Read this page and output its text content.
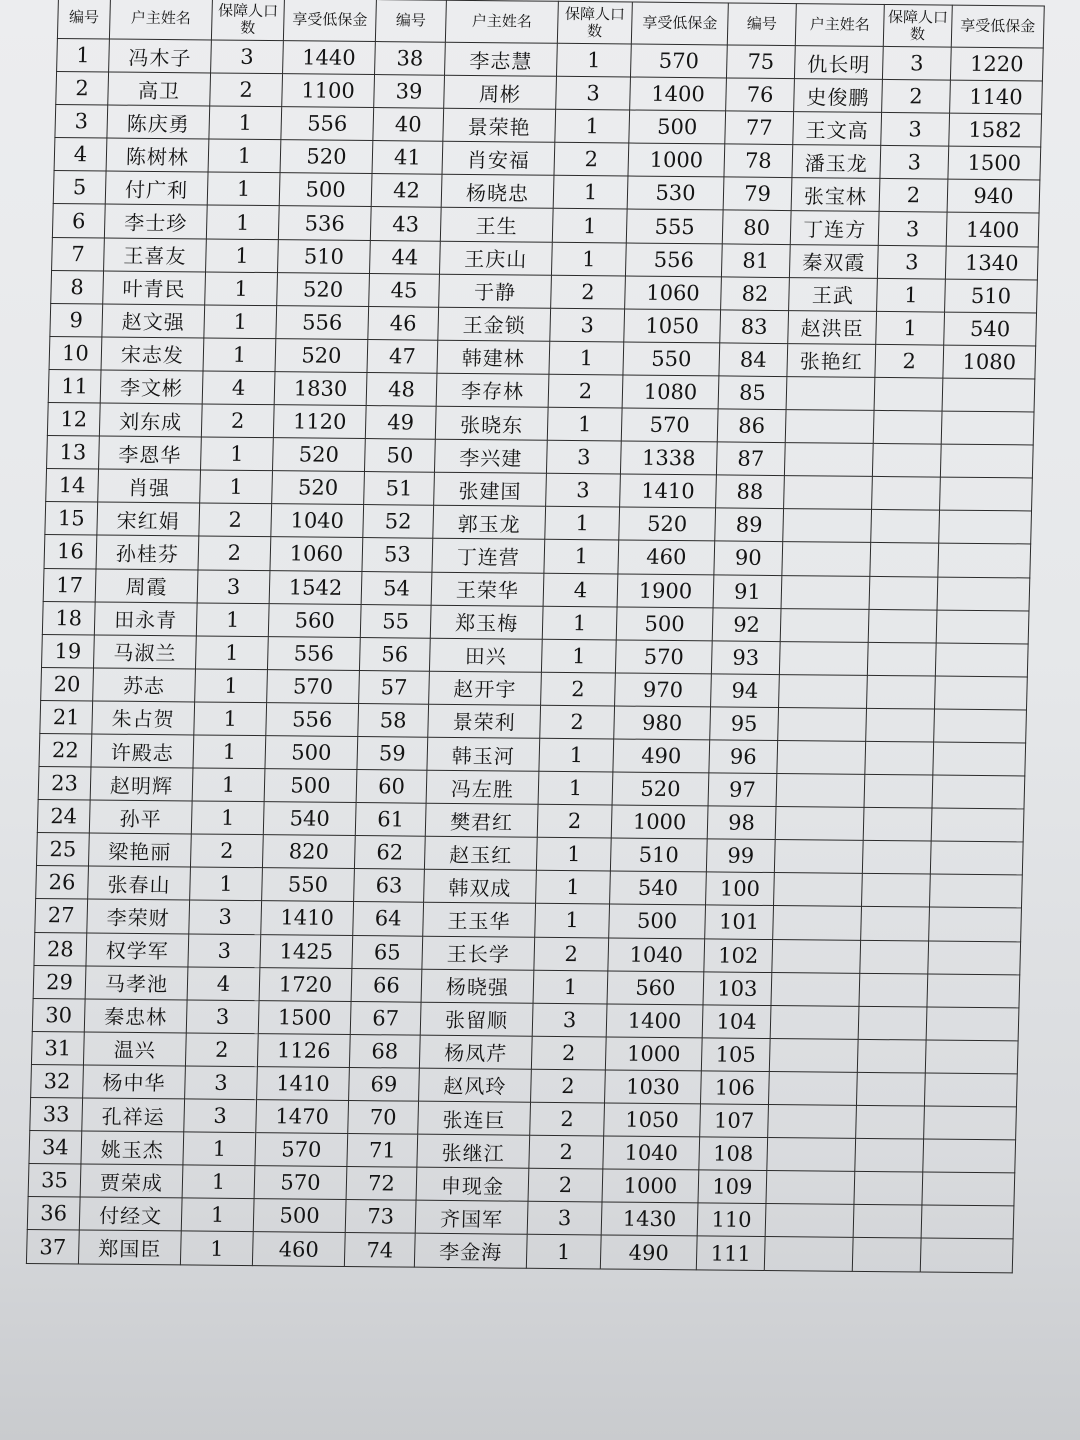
编号	户主姓名	保障人口数	享受低保金	编号	户主姓名	保障人口数	享受低保金	编号	户主姓名	保障人口数	享受低保金
1	冯木子	3	1440	38	李志慧	1	570	75	仇长明	3	1220
2	高卫	2	1100	39	周彬	3	1400	76	史俊鹏	2	1140
3	陈庆勇	1	556	40	景荣艳	1	500	77	王文高	3	1582
4	陈树林	1	520	41	肖安福	2	1000	78	潘玉龙	3	1500
5	付广利	1	500	42	杨晓忠	1	530	79	张宝林	2	940
6	李士珍	1	536	43	王生	1	555	80	丁连方	3	1400
7	王喜友	1	510	44	王庆山	1	556	81	秦双霞	3	1340
8	叶青民	1	520	45	于静	2	1060	82	王武	1	510
9	赵文强	1	556	46	王金锁	3	1050	83	赵洪臣	1	540
10	宋志发	1	520	47	韩建林	1	550	84	张艳红	2	1080
11	李文彬	4	1830	48	李存林	2	1080	85			
12	刘东成	2	1120	49	张晓东	1	570	86			
13	李恩华	1	520	50	李兴建	3	1338	87			
14	肖强	1	520	51	张建国	3	1410	88			
15	宋红娟	2	1040	52	郭玉龙	1	520	89			
16	孙桂芬	2	1060	53	丁连营	1	460	90			
17	周霞	3	1542	54	王荣华	4	1900	91			
18	田永青	1	560	55	郑玉梅	1	500	92			
19	马淑兰	1	556	56	田兴	1	570	93			
20	苏志	1	570	57	赵开宇	2	970	94			
21	朱占贺	1	556	58	景荣利	2	980	95			
22	许殿志	1	500	59	韩玉河	1	490	96			
23	赵明辉	1	500	60	冯左胜	1	520	97			
24	孙平	1	540	61	樊君红	2	1000	98			
25	梁艳丽	2	820	62	赵玉红	1	510	99			
26	张春山	1	550	63	韩双成	1	540	100			
27	李荣财	3	1410	64	王玉华	1	500	101			
28	权学军	3	1425	65	王长学	2	1040	102			
29	马孝池	4	1720	66	杨晓强	1	560	103			
30	秦忠林	3	1500	67	张留顺	3	1400	104			
31	温兴	2	1126	68	杨凤芹	2	1000	105			
32	杨中华	3	1410	69	赵风玲	2	1030	106			
33	孔祥运	3	1470	70	张连巨	2	1050	107			
34	姚玉杰	1	570	71	张继江	2	1040	108			
35	贾荣成	1	570	72	申现金	2	1000	109			
36	付经文	1	500	73	齐国军	3	1430	110			
37	郑国臣	1	460	74	李金海	1	490	111			
